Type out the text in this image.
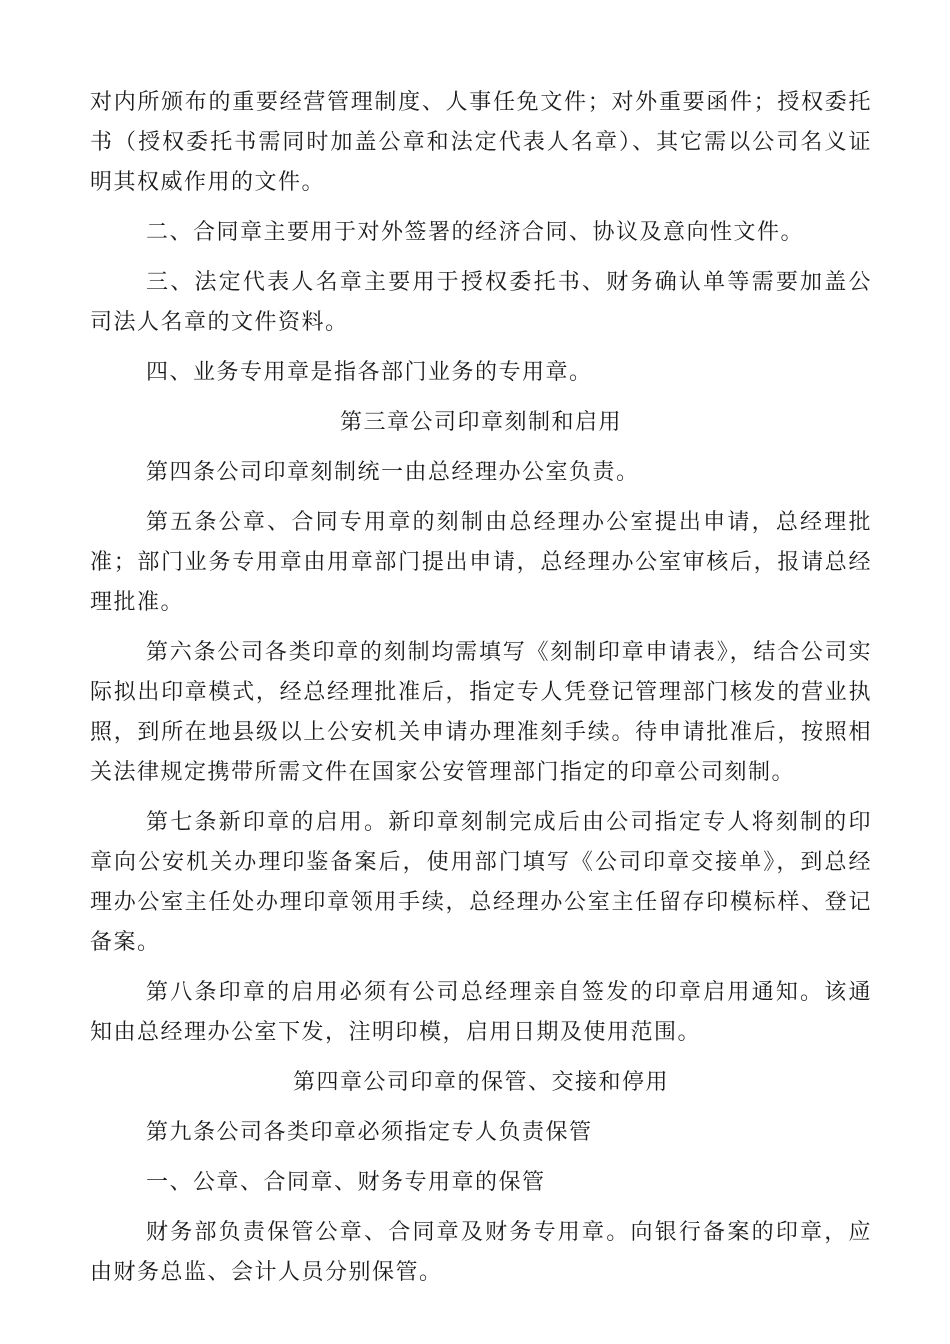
对内所颁布的重要经营管理制度、人事任免文件；对外重要函件；授权委托书（授权委托书需同时加盖公章和法定代表人名章）、其它需以公司名义证明其权威作用的文件。

二、合同章主要用于对外签署的经济合同、协议及意向性文件。

三、法定代表人名章主要用于授权委托书、财务确认单等需要加盖公司法人名章的文件资料。

四、业务专用章是指各部门业务的专用章。

第三章公司印章刻制和启用

第四条公司印章刻制统一由总经理办公室负责。

第五条公章、合同专用章的刻制由总经理办公室提出申请，总经理批准；部门业务专用章由用章部门提出申请，总经理办公室审核后，报请总经理批准。

第六条公司各类印章的刻制均需填写《刻制印章申请表》，结合公司实际拟出印章模式，经总经理批准后，指定专人凭登记管理部门核发的营业执照，到所在地县级以上公安机关申请办理准刻手续。待申请批准后，按照相关法律规定携带所需文件在国家公安管理部门指定的印章公司刻制。

第七条新印章的启用。新印章刻制完成后由公司指定专人将刻制的印章向公安机关办理印鉴备案后，使用部门填写《公司印章交接单》，到总经理办公室主任处办理印章领用手续，总经理办公室主任留存印模标样、登记备案。

第八条印章的启用必须有公司总经理亲自签发的印章启用通知。该通知由总经理办公室下发，注明印模，启用日期及使用范围。

第四章公司印章的保管、交接和停用

第九条公司各类印章必须指定专人负责保管

一、公章、合同章、财务专用章的保管

财务部负责保管公章、合同章及财务专用章。向银行备案的印章，应由财务总监、会计人员分别保管。
